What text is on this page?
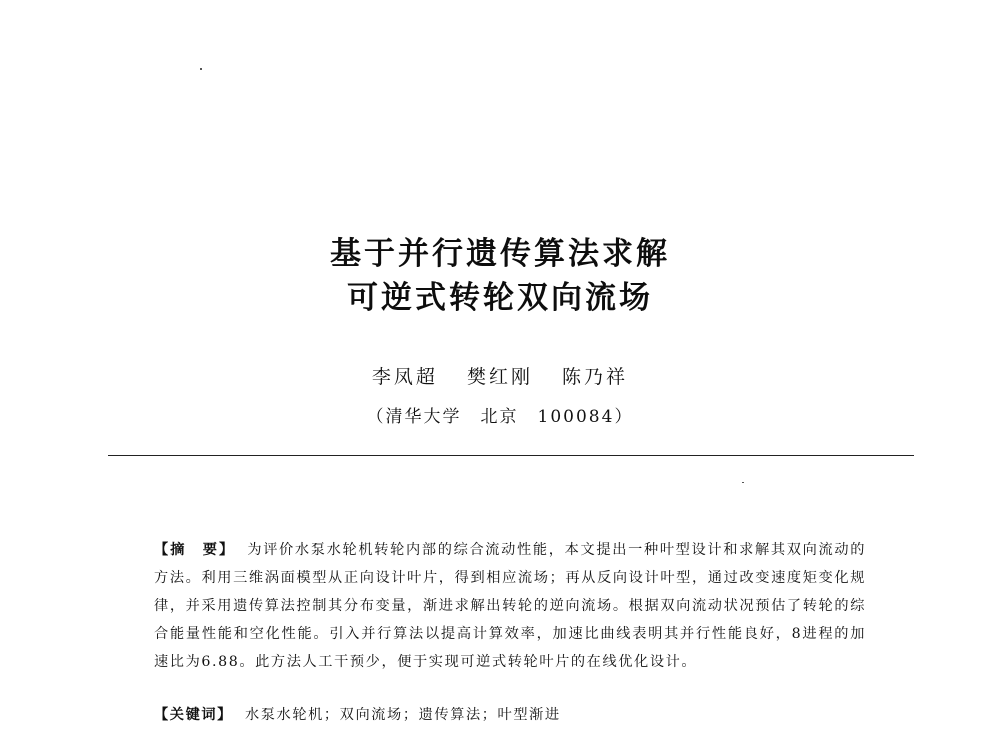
基于并行遗传算法求解
可逆式转轮双向流场
李凤超 樊红刚 陈乃祥
（清华大学　北京　100084）
【摘　要】 为评价水泵水轮机转轮内部的综合流动性能，本文提出一种叶型设计和求解其双向流动的方法。利用三维涡面模型从正向设计叶片，得到相应流场；再从反向设计叶型，通过改变速度矩变化规律，并采用遗传算法控制其分布变量，渐进求解出转轮的逆向流场。根据双向流动状况预估了转轮的综合能量性能和空化性能。引入并行算法以提高计算效率，加速比曲线表明其并行性能良好，8进程的加速比为6.88。此方法人工干预少，便于实现可逆式转轮叶片的在线优化设计。
【关键词】 水泵水轮机；双向流场；遗传算法；叶型渐进
